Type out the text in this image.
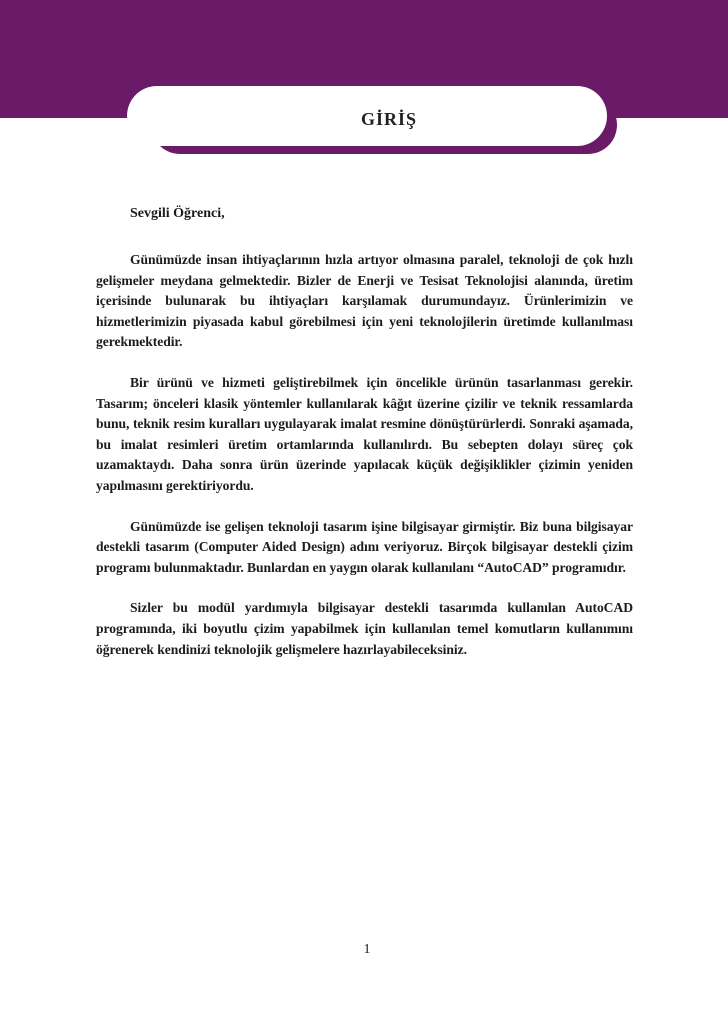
GİRİŞ
Sevgili Öğrenci,

Günümüzde insan ihtiyaçlarının hızla artıyor olmasına paralel, teknoloji de çok hızlı gelişmeler meydana gelmektedir. Bizler de Enerji ve Tesisat Teknolojisi alanında, üretim içerisinde bulunarak bu ihtiyaçları karşılamak durumundayız. Ürünlerimizin ve hizmetlerimizin piyasada kabul görebilmesi için yeni teknolojilerin üretimde kullanılması gerekmektedir.

Bir ürünü ve hizmeti geliştirebilmek için öncelikle ürünün tasarlanması gerekir. Tasarım; önceleri klasik yöntemler kullanılarak kâğıt üzerine çizilir ve teknik ressamlarda bunu, teknik resim kuralları uygulayarak imalat resmine dönüştürürlerdi. Sonraki aşamada, bu imalat resimleri üretim ortamlarında kullanılırdı. Bu sebepten dolayı süreç çok uzamaktaydı. Daha sonra ürün üzerinde yapılacak küçük değişiklikler çizimin yeniden yapılmasını gerektiriyordu.

Günümüzde ise gelişen teknoloji tasarım işine bilgisayar girmiştir. Biz buna bilgisayar destekli tasarım (Computer Aided Design) adını veriyoruz. Birçok bilgisayar destekli çizim programı bulunmaktadır. Bunlardan en yaygın olarak kullanılanı “AutoCAD” programıdır.

Sizler bu modül yardımıyla bilgisayar destekli tasarımda kullanılan AutoCAD programında, iki boyutlu çizim yapabilmek için kullanılan temel komutların kullanımını öğrenerek kendinizi teknolojik gelişmelere hazırlayabileceksiniz.

1
